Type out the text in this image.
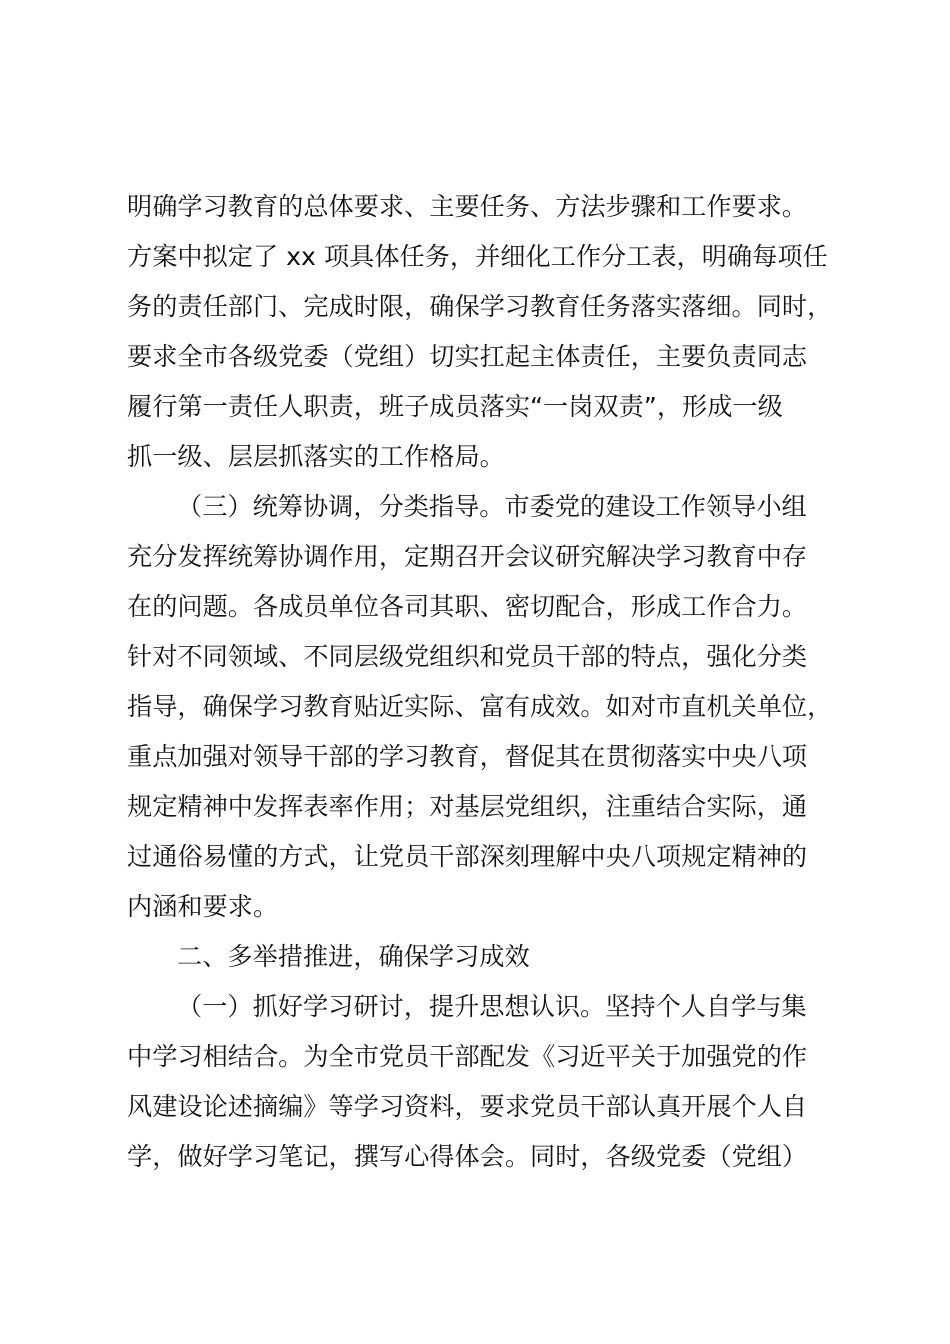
明确学习教育的总体要求、主要任务、方法步骤和工作要求。
方案中拟定了 xx 项具体任务，并细化工作分工表，明确每项任
务的责任部门、完成时限，确保学习教育任务落实落细。同时，
要求全市各级党委（党组）切实扛起主体责任，主要负责同志
履行第一责任人职责，班子成员落实“一岗双责”，形成一级
抓一级、层层抓落实的工作格局。
（三）统筹协调，分类指导。市委党的建设工作领导小组
充分发挥统筹协调作用，定期召开会议研究解决学习教育中存
在的问题。各成员单位各司其职、密切配合，形成工作合力。
针对不同领域、不同层级党组织和党员干部的特点，强化分类
指导，确保学习教育贴近实际、富有成效。如对市直机关单位，
重点加强对领导干部的学习教育，督促其在贯彻落实中央八项
规定精神中发挥表率作用；对基层党组织，注重结合实际，通
过通俗易懂的方式，让党员干部深刻理解中央八项规定精神的
内涵和要求。
二、多举措推进，确保学习成效
（一）抓好学习研讨，提升思想认识。坚持个人自学与集
中学习相结合。为全市党员干部配发《习近平关于加强党的作
风建设论述摘编》等学习资料，要求党员干部认真开展个人自
学，做好学习笔记，撰写心得体会。同时，各级党委（党组）
